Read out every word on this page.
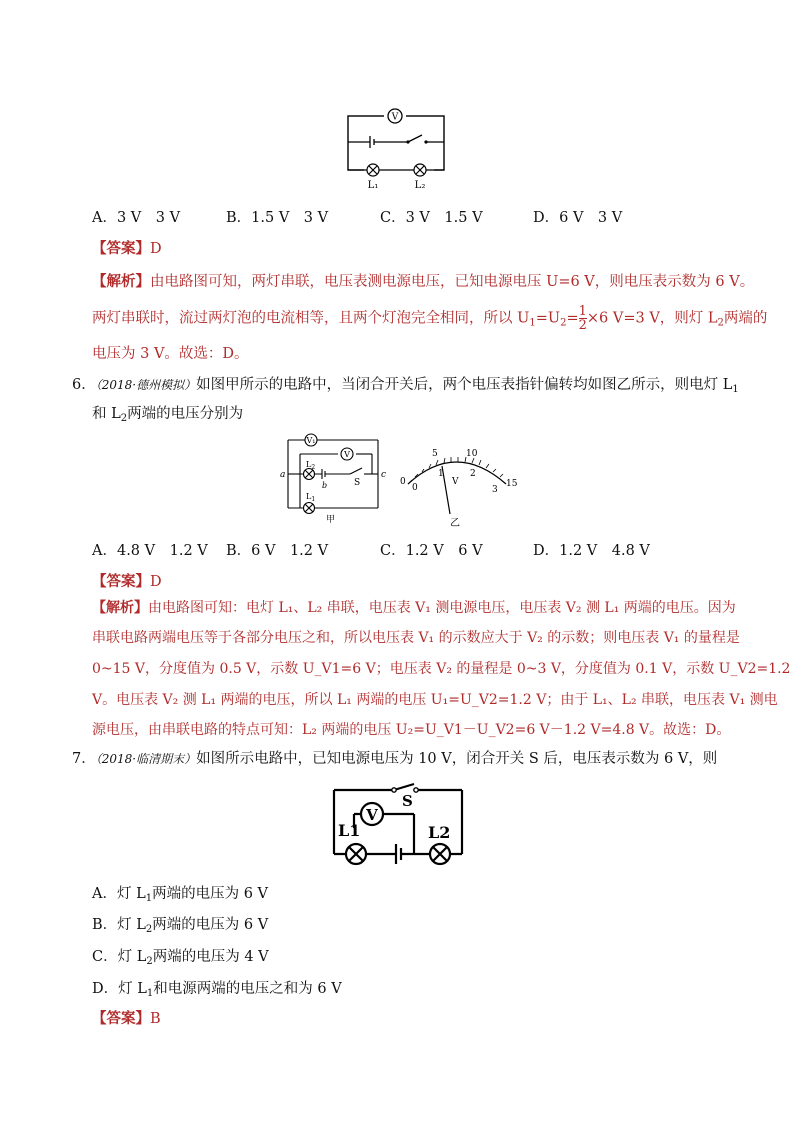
V
L₁	L₂
A．3 V　3 V	B．1.5 V　3 V	C．3 V　1.5 V	D．6 V　3 V
【答案】D
【解析】由电路图可知，两灯串联，电压表测电源电压，已知电源电压 U=6 V，则电压表示数为 6 V。
两灯串联时，流过两灯泡的电流相等，且两个灯泡完全相同，所以 $U_1=U_2= \frac{1}{2} \times 6$ V=3 V，则灯 $L_2$两端的
电压为 3 V。故选：D。
6．（2018·德州模拟）如图甲所示的电路中，当闭合开关后，两个电压表指针偏转均如图乙所示，则电灯 $L_1$
和 $L_2$两端的电压分别为
V₁
V
a	c
$L_2$
$L_1$
b	S
甲
0
5	10
15
0
1	2
3
V
乙
A．4.8 V　1.2 V B．6 V　1.2 V	C．1.2 V　6 V	D．1.2 V　4.8 V
【答案】D
【解析】由电路图可知：电灯 L₁、L₂ 串联，电压表 V₁ 测电源电压，电压表 V₂ 测 L₁ 两端的电压。因为
串联电路两端电压等于各部分电压之和，所以电压表 V₁ 的示数应大于 V₂ 的示数；则电压表 V₁ 的量程是
0~15 V，分度值为 0.5 V，示数 U_V1=6 V；电压表 V₂ 的量程是 0~3 V，分度值为 0.1 V，示数 U_V2=1.2
V。电压表 V₂ 测 L₁ 两端的电压，所以 L₁ 两端的电压 U₁=U_V2=1.2 V；由于 L₁、L₂ 串联，电压表 V₁ 测电
源电压，由串联电路的特点可知：L₂ 两端的电压 U₂=U_V1－U_V2=6 V－1.2 V=4.8 V。故选：D。
7．（2018·临清期末）如图所示电路中，已知电源电压为 10 V，闭合开关 S 后，电压表示数为 6 V，则
S
V
L1	L2
A．灯 $L_1$两端的电压为 6 V
B．灯 $L_2$两端的电压为 6 V
C．灯 $L_2$两端的电压为 4 V
D．灯 $L_1$和电源两端的电压之和为 6 V
【答案】B
